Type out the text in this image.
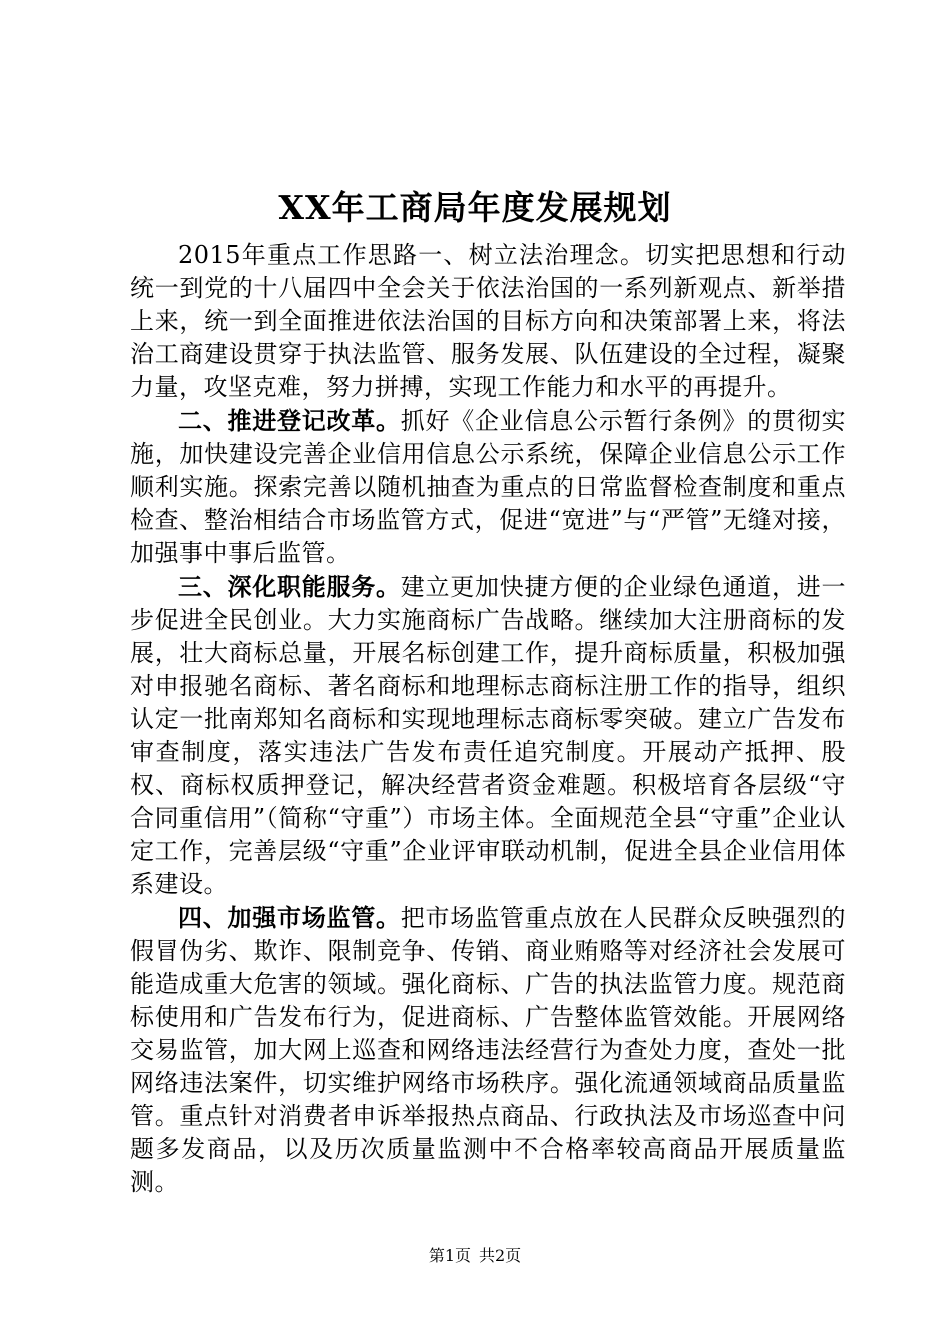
XX年工商局年度发展规划

2015年重点工作思路一、树立法治理念。切实把思想和行动统一到党的十八届四中全会关于依法治国的一系列新观点、新举措上来，统一到全面推进依法治国的目标方向和决策部署上来，将法治工商建设贯穿于执法监管、服务发展、队伍建设的全过程，凝聚力量，攻坚克难，努力拼搏，实现工作能力和水平的再提升。

二、推进登记改革。抓好《企业信息公示暂行条例》的贯彻实施，加快建设完善企业信用信息公示系统，保障企业信息公示工作顺利实施。探索完善以随机抽查为重点的日常监督检查制度和重点检查、整治相结合市场监管方式，促进“宽进”与“严管”无缝对接，加强事中事后监管。

三、深化职能服务。建立更加快捷方便的企业绿色通道，进一步促进全民创业。大力实施商标广告战略。继续加大注册商标的发展，壮大商标总量，开展名标创建工作，提升商标质量，积极加强对申报驰名商标、著名商标和地理标志商标注册工作的指导，组织认定一批南郑知名商标和实现地理标志商标零突破。建立广告发布审查制度，落实违法广告发布责任追究制度。开展动产抵押、股权、商标权质押登记，解决经营者资金难题。积极培育各层级“守合同重信用”（简称“守重”）市场主体。全面规范全县“守重”企业认定工作，完善层级“守重”企业评审联动机制，促进全县企业信用体系建设。

四、加强市场监管。把市场监管重点放在人民群众反映强烈的假冒伪劣、欺诈、限制竞争、传销、商业贿赂等对经济社会发展可能造成重大危害的领域。强化商标、广告的执法监管力度。规范商标使用和广告发布行为，促进商标、广告整体监管效能。开展网络交易监管，加大网上巡查和网络违法经营行为查处力度，查处一批网络违法案件，切实维护网络市场秩序。强化流通领域商品质量监管。重点针对消费者申诉举报热点商品、行政执法及市场巡查中问题多发商品，以及历次质量监测中不合格率较高商品开展质量监测。

第1页 共2页
